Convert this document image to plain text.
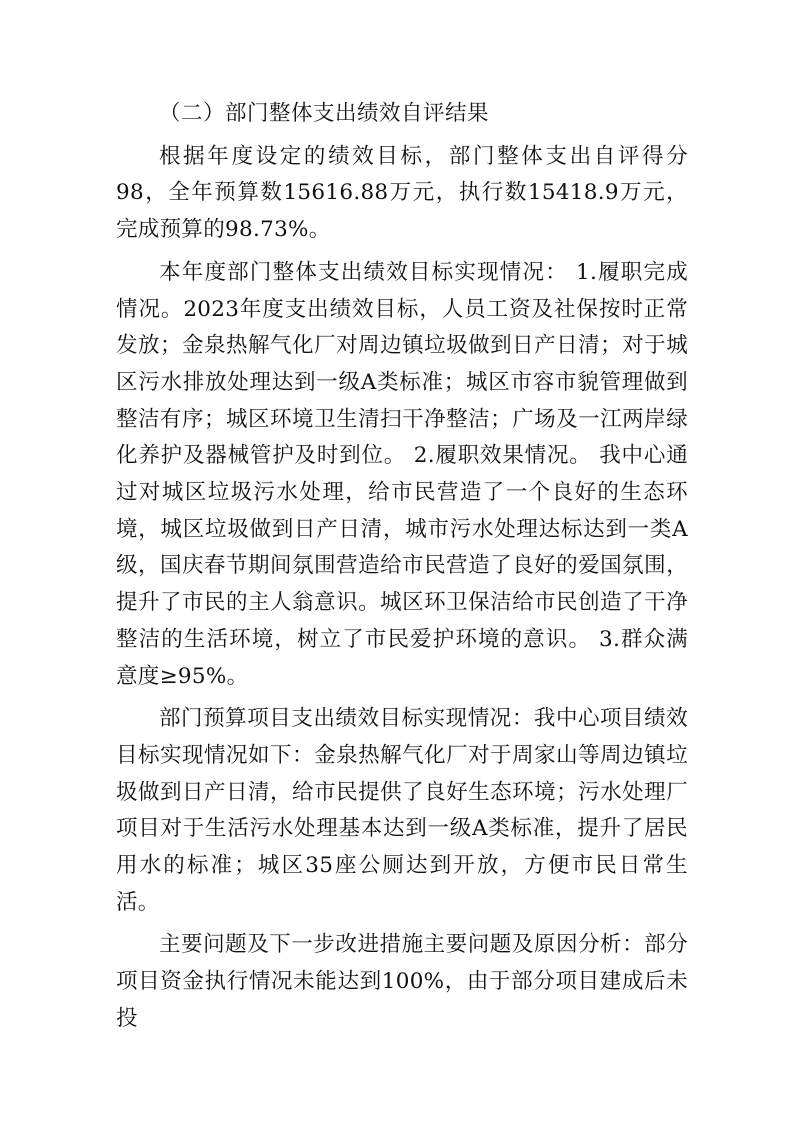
（二）部门整体支出绩效自评结果

根据年度设定的绩效目标，部门整体支出自评得分98，全年预算数15616.88万元，执行数15418.9万元，完成预算的98.73%。

本年度部门整体支出绩效目标实现情况： 1.履职完成情况。2023年度支出绩效目标，人员工资及社保按时正常发放；金泉热解气化厂对周边镇垃圾做到日产日清；对于城区污水排放处理达到一级A类标准；城区市容市貌管理做到整洁有序；城区环境卫生清扫干净整洁；广场及一江两岸绿化养护及器械管护及时到位。 2.履职效果情况。 我中心通过对城区垃圾污水处理，给市民营造了一个良好的生态环境，城区垃圾做到日产日清，城市污水处理达标达到一类A级，国庆春节期间氛围营造给市民营造了良好的爱国氛围，提升了市民的主人翁意识。城区环卫保洁给市民创造了干净整洁的生活环境，树立了市民爱护环境的意识。 3.群众满意度≥95%。

部门预算项目支出绩效目标实现情况：我中心项目绩效目标实现情况如下：金泉热解气化厂对于周家山等周边镇垃圾做到日产日清，给市民提供了良好生态环境；污水处理厂项目对于生活污水处理基本达到一级A类标准，提升了居民用水的标准；城区35座公厕达到开放，方便市民日常生活。

主要问题及下一步改进措施主要问题及原因分析：部分项目资金执行情况未能达到100%，由于部分项目建成后未投
